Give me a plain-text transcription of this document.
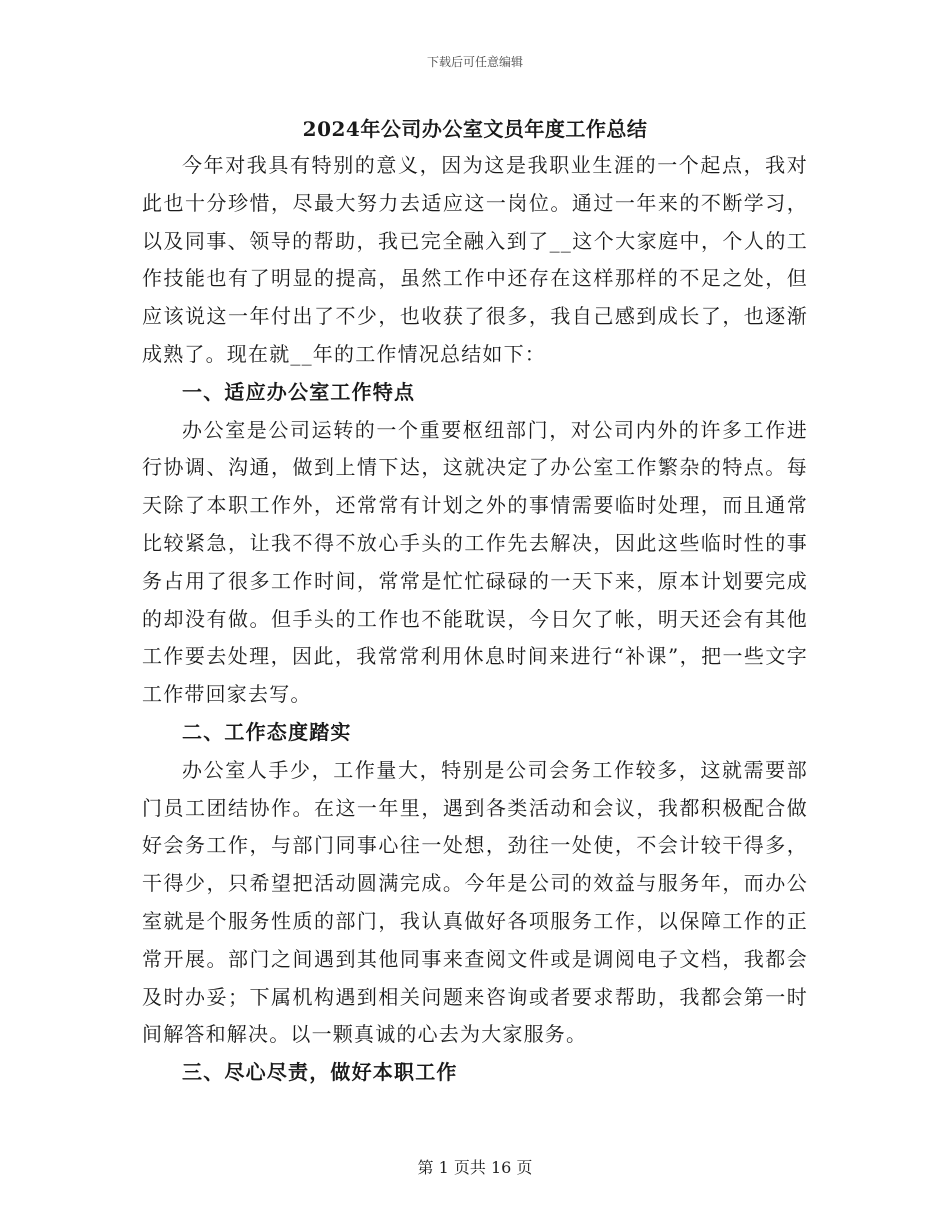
下载后可任意编辑
2024年公司办公室文员年度工作总结

今年对我具有特别的意义，因为这是我职业生涯的一个起点，我对此也十分珍惜，尽最大努力去适应这一岗位。通过一年来的不断学习，以及同事、领导的帮助，我已完全融入到了__这个大家庭中，个人的工作技能也有了明显的提高，虽然工作中还存在这样那样的不足之处，但应该说这一年付出了不少，也收获了很多，我自己感到成长了，也逐渐成熟了。现在就__年的工作情况总结如下：

一、适应办公室工作特点

办公室是公司运转的一个重要枢纽部门，对公司内外的许多工作进行协调、沟通，做到上情下达，这就决定了办公室工作繁杂的特点。每天除了本职工作外，还常常有计划之外的事情需要临时处理，而且通常比较紧急，让我不得不放心手头的工作先去解决，因此这些临时性的事务占用了很多工作时间，常常是忙忙碌碌的一天下来，原本计划要完成的却没有做。但手头的工作也不能耽误，今日欠了帐，明天还会有其他工作要去处理，因此，我常常利用休息时间来进行“补课”，把一些文字工作带回家去写。

二、工作态度踏实

办公室人手少，工作量大，特别是公司会务工作较多，这就需要部门员工团结协作。在这一年里，遇到各类活动和会议，我都积极配合做好会务工作，与部门同事心往一处想，劲往一处使，不会计较干得多，干得少，只希望把活动圆满完成。今年是公司的效益与服务年，而办公室就是个服务性质的部门，我认真做好各项服务工作，以保障工作的正常开展。部门之间遇到其他同事来查阅文件或是调阅电子文档，我都会及时办妥；下属机构遇到相关问题来咨询或者要求帮助，我都会第一时间解答和解决。以一颗真诚的心去为大家服务。

三、尽心尽责，做好本职工作

第 1 页共 16 页
